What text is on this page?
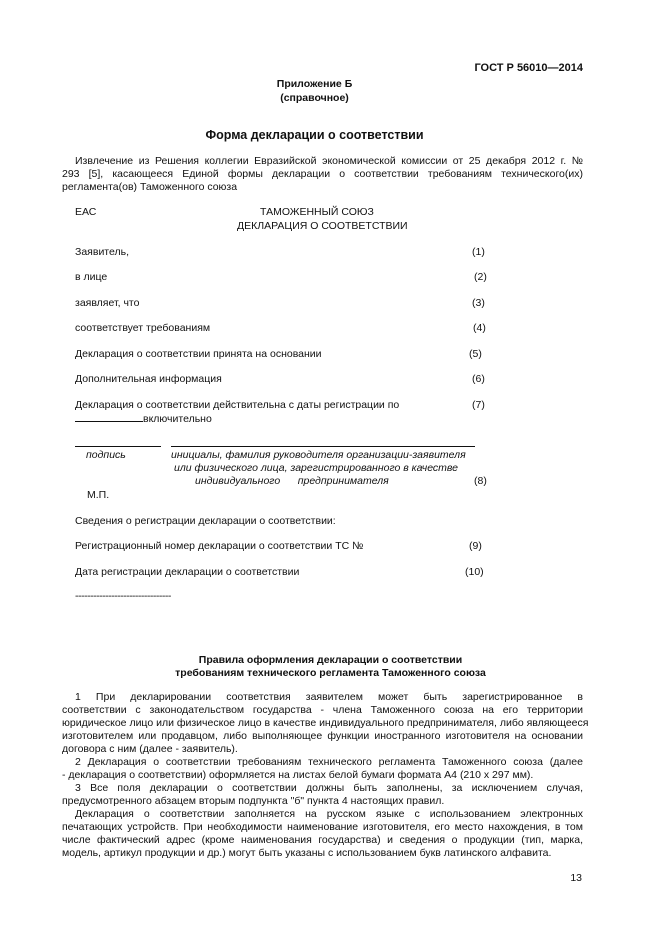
ГОСТ Р 56010—2014
Приложение Б
(справочное)
Форма декларации о соответствии
Извлечение из Решения коллегии Евразийской экономической комиссии от 25 декабря 2012 г. №
293 [5], касающееся Единой формы декларации о соответствии требованиям технического(их)
регламента(ов) Таможенного союза
ЕАС	ТАМОЖЕННЫЙ СОЮЗ
ДЕКЛАРАЦИЯ О СООТВЕТСТВИИ
Заявитель,	(1)
в лице	(2)
заявляет, что	(3)
соответствует требованиям	(4)
Декларация о соответствии принята на основании	(5)
Дополнительная информация	(6)
Декларация о соответствии действительна с даты регистрации по	(7)
включительно
подпись	инициалы, фамилия руководителя организации-заявителя
или физического лица, зарегистрированного в качестве
индивидуального      предпринимателя	(8)
М.П.
Сведения о регистрации декларации о соответствии:
Регистрационный номер декларации о соответствии ТС №	(9)
Дата регистрации декларации о соответствии	(10)
--------------------------------
Правила оформления декларации о соответствии
требованиям технического регламента Таможенного союза
1 При декларировании соответствия заявителем может быть зарегистрированное в
соответствии с законодательством государства - члена Таможенного союза на его территории
юридическое лицо или физическое лицо в качестве индивидуального предпринимателя, либо являющееся
изготовителем или продавцом, либо выполняющее функции иностранного изготовителя на основании
договора с ним (далее - заявитель).
2 Декларация о соответствии требованиям технического регламента Таможенного союза (далее
- декларация о соответствии) оформляется на листах белой бумаги формата А4 (210 х 297 мм).
3 Все поля декларации о соответствии должны быть заполнены, за исключением случая,
предусмотренного абзацем вторым подпункта "б" пункта 4 настоящих правил.
Декларация о соответствии заполняется на русском языке с использованием электронных
печатающих устройств. При необходимости наименование изготовителя, его место нахождения, в том
числе фактический адрес (кроме наименования государства) и сведения о продукции (тип, марка,
модель, артикул продукции и др.) могут быть указаны с использованием букв латинского алфавита.
13
